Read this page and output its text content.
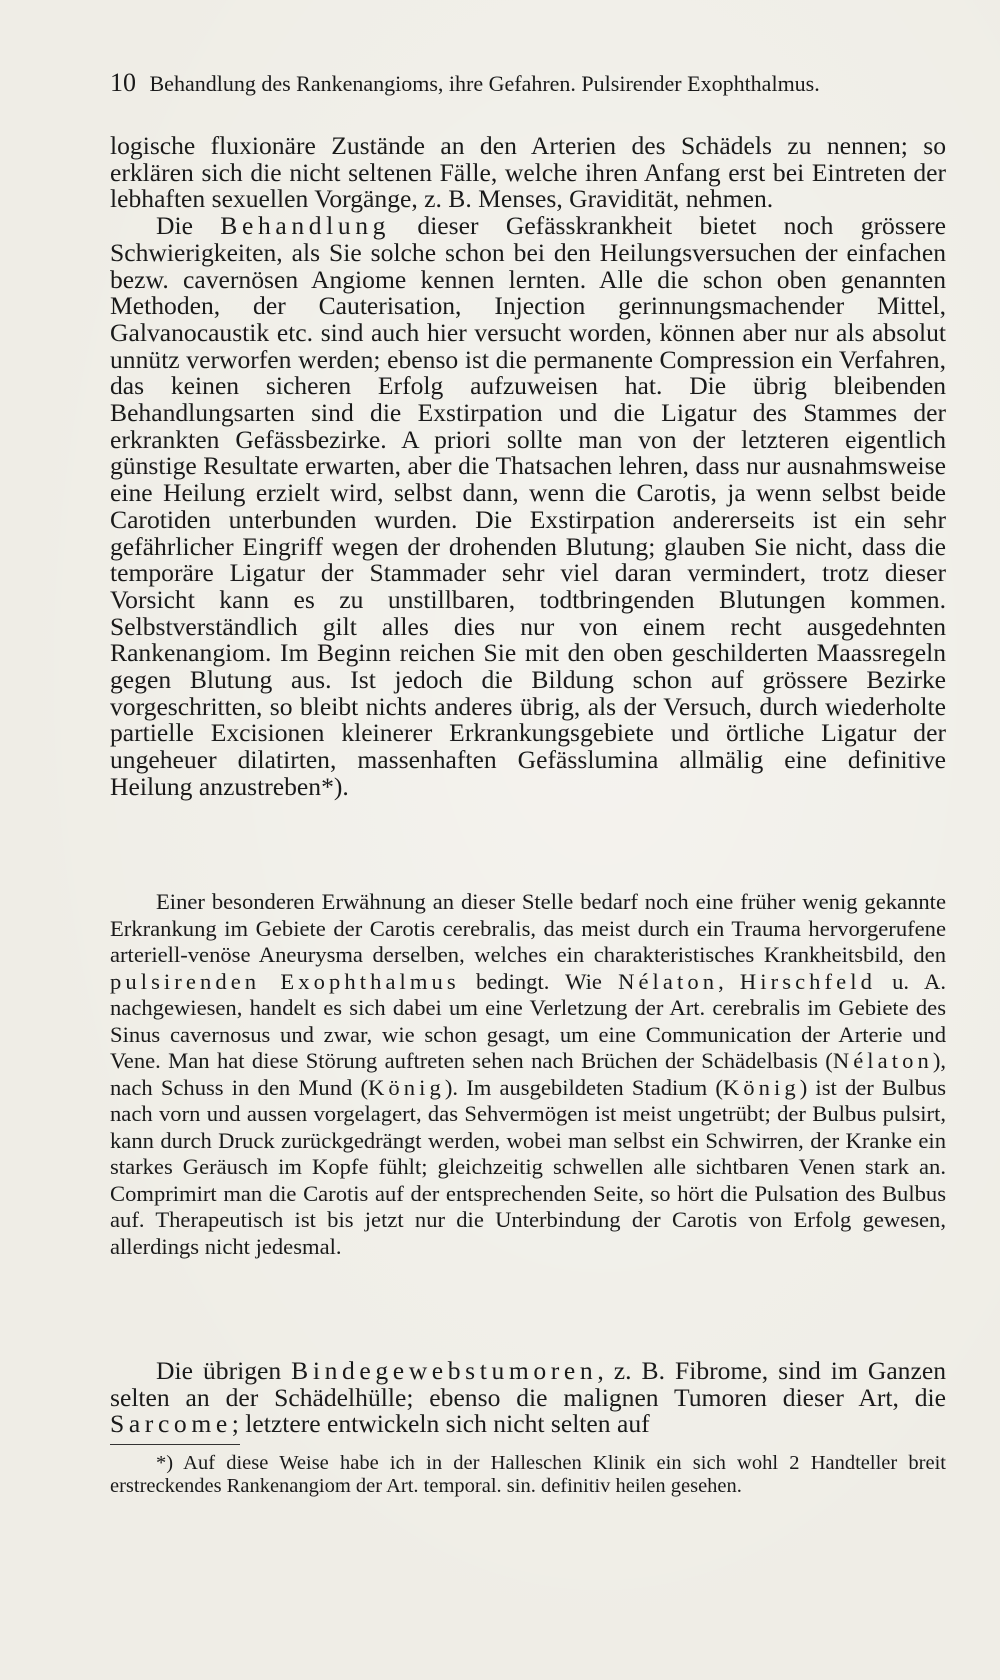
10 Behandlung des Rankenangioms, ihre Gefahren. Pulsirender Exophthalmus.

logische fluxionäre Zustände an den Arterien des Schädels zu nennen; so erklären sich die nicht seltenen Fälle, welche ihren Anfang erst bei Eintreten der lebhaften sexuellen Vorgänge, z. B. Menses, Gravidität, nehmen.

Die Behandlung dieser Gefässkrankheit bietet noch grössere Schwierigkeiten, als Sie solche schon bei den Heilungsversuchen der einfachen bezw. cavernösen Angiome kennen lernten. Alle die schon oben genannten Methoden, der Cauterisation, Injection gerinnungsmachender Mittel, Galvanocaustik etc. sind auch hier versucht worden, können aber nur als absolut unnütz verworfen werden; ebenso ist die permanente Compression ein Verfahren, das keinen sicheren Erfolg aufzuweisen hat. Die übrig bleibenden Behandlungsarten sind die Exstirpation und die Ligatur des Stammes der erkrankten Gefässbezirke. A priori sollte man von der letzteren eigentlich günstige Resultate erwarten, aber die Thatsachen lehren, dass nur ausnahmsweise eine Heilung erzielt wird, selbst dann, wenn die Carotis, ja wenn selbst beide Carotiden unterbunden wurden. Die Exstirpation andererseits ist ein sehr gefährlicher Eingriff wegen der drohenden Blutung; glauben Sie nicht, dass die temporäre Ligatur der Stammader sehr viel daran vermindert, trotz dieser Vorsicht kann es zu unstillbaren, todtbringenden Blutungen kommen. Selbstverständlich gilt alles dies nur von einem recht ausgedehnten Rankenangiom. Im Beginn reichen Sie mit den oben geschilderten Maassregeln gegen Blutung aus. Ist jedoch die Bildung schon auf grössere Bezirke vorgeschritten, so bleibt nichts anderes übrig, als der Versuch, durch wiederholte partielle Excisionen kleinerer Erkrankungsgebiete und örtliche Ligatur der ungeheuer dilatirten, massenhaften Gefässlumina allmälig eine definitive Heilung anzustreben*).

Einer besonderen Erwähnung an dieser Stelle bedarf noch eine früher wenig gekannte Erkrankung im Gebiete der Carotis cerebralis, das meist durch ein Trauma hervorgerufene arteriell-venöse Aneurysma derselben, welches ein charakteristisches Krankheitsbild, den pulsirenden Exophthalmus bedingt. Wie Nélaton, Hirschfeld u. A. nachgewiesen, handelt es sich dabei um eine Verletzung der Art. cerebralis im Gebiete des Sinus cavernosus und zwar, wie schon gesagt, um eine Communication der Arterie und Vene. Man hat diese Störung auftreten sehen nach Brüchen der Schädelbasis (Nélaton), nach Schuss in den Mund (König). Im ausgebildeten Stadium (König) ist der Bulbus nach vorn und aussen vorgelagert, das Sehvermögen ist meist ungetrübt; der Bulbus pulsirt, kann durch Druck zurückgedrängt werden, wobei man selbst ein Schwirren, der Kranke ein starkes Geräusch im Kopfe fühlt; gleichzeitig schwellen alle sichtbaren Venen stark an. Comprimirt man die Carotis auf der entsprechenden Seite, so hört die Pulsation des Bulbus auf. Therapeutisch ist bis jetzt nur die Unterbindung der Carotis von Erfolg gewesen, allerdings nicht jedesmal.

Die übrigen Bindegewebstumoren, z. B. Fibrome, sind im Ganzen selten an der Schädelhülle; ebenso die malignen Tumoren dieser Art, die Sarcome; letztere entwickeln sich nicht selten auf

*) Auf diese Weise habe ich in der Halleschen Klinik ein sich wohl 2 Handteller breit erstreckendes Rankenangiom der Art. temporal. sin. definitiv heilen gesehen.
